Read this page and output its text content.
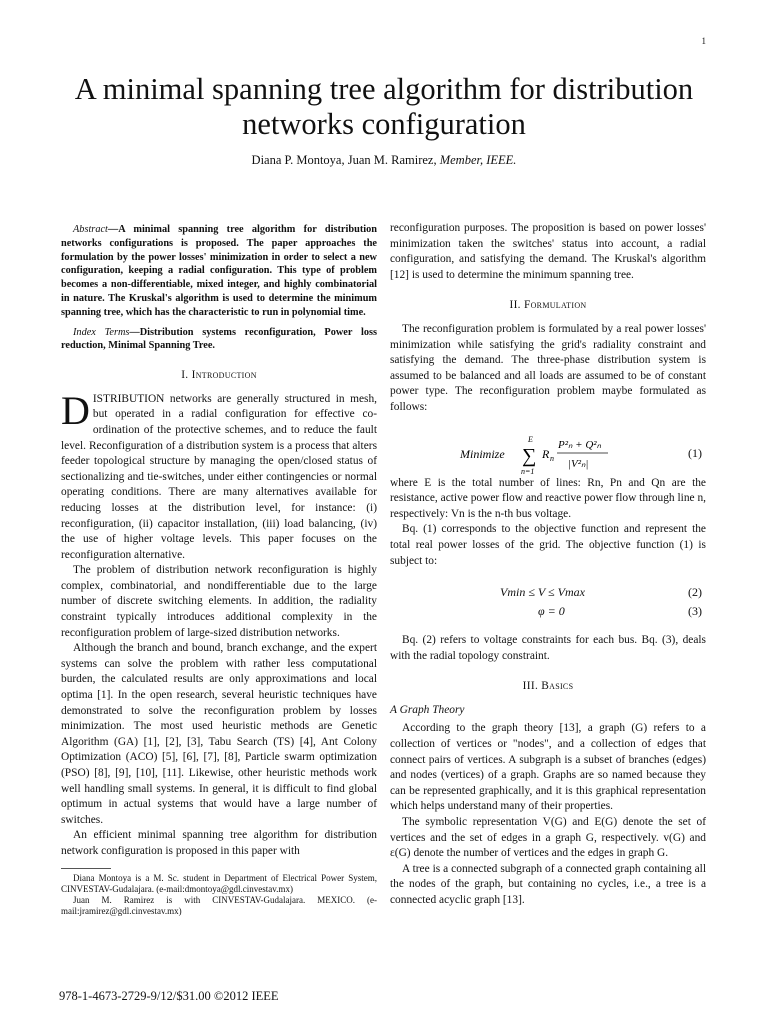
1
A minimal spanning tree algorithm for distribution networks configuration
Diana P. Montoya, Juan M. Ramirez, Member, IEEE.

Abstract—A minimal spanning tree algorithm for distribution networks configurations is proposed. The paper approaches the formulation by the power losses' minimization in order to select a new configuration, keeping a radial configuration. This type of problem becomes a non-differentiable, mixed integer, and highly combinatorial in nature. The Kruskal's algorithm is used to determine the minimum spanning tree, which has the characteristic to run in polynomial time.

Index Terms—Distribution systems reconfiguration, Power loss reduction, Minimal Spanning Tree.

I. Introduction

DISTRIBUTION networks are generally structured in mesh, but operated in a radial configuration for effective co-ordination of the protective schemes, and to reduce the fault level. Reconfiguration of a distribution system is a process that alters feeder topological structure by managing the open/closed status of sectionalizing and tie-switches, under either contingencies or normal operating conditions. There are many alternatives available for reducing losses at the distribution level, for instance: (i) reconfiguration, (ii) capacitor installation, (iii) load balancing, (iv) the use of higher voltage levels. This paper focuses on the reconfiguration alternative.

The problem of distribution network reconfiguration is highly complex, combinatorial, and nondifferentiable due to the large number of discrete switching elements. In addition, the radiality constraint typically introduces additional complexity in the reconfiguration problem of large-sized distribution networks.

Although the branch and bound, branch exchange, and the expert systems can solve the problem with rather less computational burden, the calculated results are only approximations and local optima [1]. In the open research, several heuristic techniques have demonstrated to solve the reconfiguration problem by losses minimization. The most used heuristic methods are Genetic Algorithm (GA) [1], [2], [3], Tabu Search (TS) [4], Ant Colony Optimization (ACO) [5], [6], [7], [8], Particle swarm optimization (PSO) [8], [9], [10], [11]. Likewise, other heuristic methods work well handling small systems. In general, it is difficult to find global optimum in actual systems that would have a large number of switches.

An efficient minimal spanning tree algorithm for distribution network configuration is proposed in this paper with

Diana Montoya is a M. Sc. student in Department of Electrical Power System, CINVESTAV-Gudalajara. (e-mail:dmontoya@gdl.cinvestav.mx)

Juan M. Ramirez is with CINVESTAV-Gudalajara. MEXICO. (e-mail:jramirez@gdl.cinvestav.mx)

reconfiguration purposes. The proposition is based on power losses' minimization taken the switches' status into account, a radial configuration, and satisfying the demand. The Kruskal's algorithm [12] is used to determine the minimum spanning tree.

II. Formulation

The reconfiguration problem is formulated by a real power losses' minimization while satisfying the grid's radiality constraint and satisfying the demand. The three-phase distribution system is assumed to be balanced and all loads are assumed to be of constant power type. The reconfiguration problem maybe formulated as follows:

Minimize
E
∑
n=1
R n
P²ₙ + Q²ₙ
|V²ₙ|
(1)

where E is the total number of lines: Rn, Pn and Qn are the resistance, active power flow and reactive power flow through line n, respectively: Vn is the n-th bus voltage.

Bq. (1) corresponds to the objective function and represent the total real power losses of the grid. The objective function (1) is subject to:

Vmin ≤ V ≤ Vmax	(2)
φ = 0	(3)

Bq. (2) refers to voltage constraints for each bus. Bq. (3), deals with the radial topology constraint.

III. Basics
A Graph Theory

According to the graph theory [13], a graph (G) refers to a collection of vertices or "nodes", and a collection of edges that connect pairs of vertices. A subgraph is a subset of branches (edges) and nodes (vertices) of a graph. Graphs are so named because they can be represented graphically, and it is this graphical representation which helps understand many of their properties.

The symbolic representation V(G) and E(G) denote the set of vertices and the set of edges in a graph G, respectively. v(G) and ε(G) denote the number of vertices and the edges in graph G.

A tree is a connected subgraph of a connected graph containing all the nodes of the graph, but containing no cycles, i.e., a tree is a connected acyclic graph [13].

978-1-4673-2729-9/12/$31.00 ©2012 IEEE
